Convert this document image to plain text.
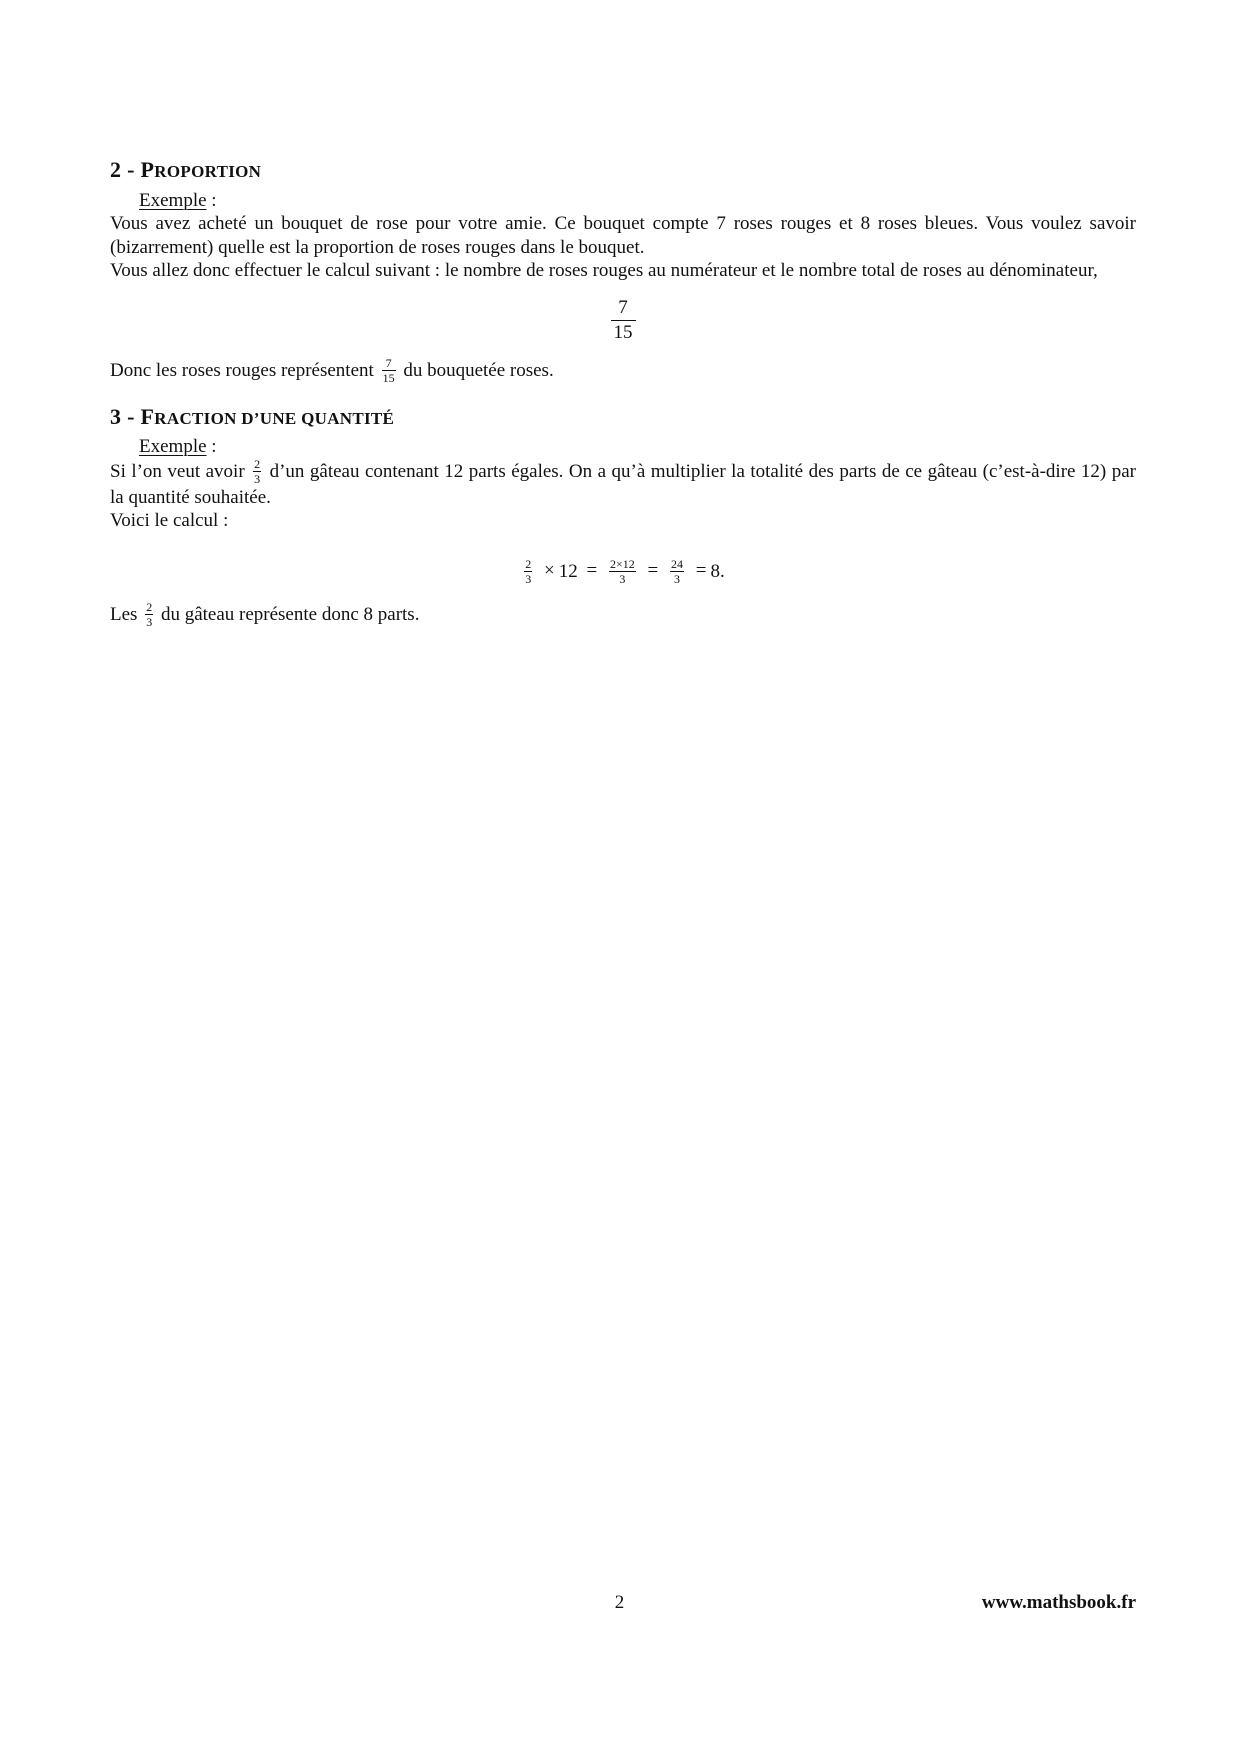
2 - PROPORTION

Exemple :

Vous avez acheté un bouquet de rose pour votre amie. Ce bouquet compte 7 roses rouges et 8 roses bleues. Vous voulez savoir (bizarrement) quelle est la proportion de roses rouges dans le bouquet.

Vous allez donc effectuer le calcul suivant : le nombre de roses rouges au numérateur et le nombre total de roses au dénominateur,

$\frac{7}{15}$

Donc les roses rouges représentent $\frac{7}{15}$ du bouquetée roses.

3 - FRACTION D’UNE QUANTITÉ

Exemple :

Si l’on veut avoir $\frac{2}{3}$ d’un gâteau contenant 12 parts égales. On a qu’à multiplier la totalité des parts de ce gâteau (c’est-à-dire 12) par la quantité souhaitée.

Voici le calcul :

$\frac{2}{3} \times 12 = \frac{2\times 12}{3} = \frac{24}{3} = 8$.

Les $\frac{2}{3}$ du gâteau représente donc 8 parts.

2	www.mathsbook.fr
